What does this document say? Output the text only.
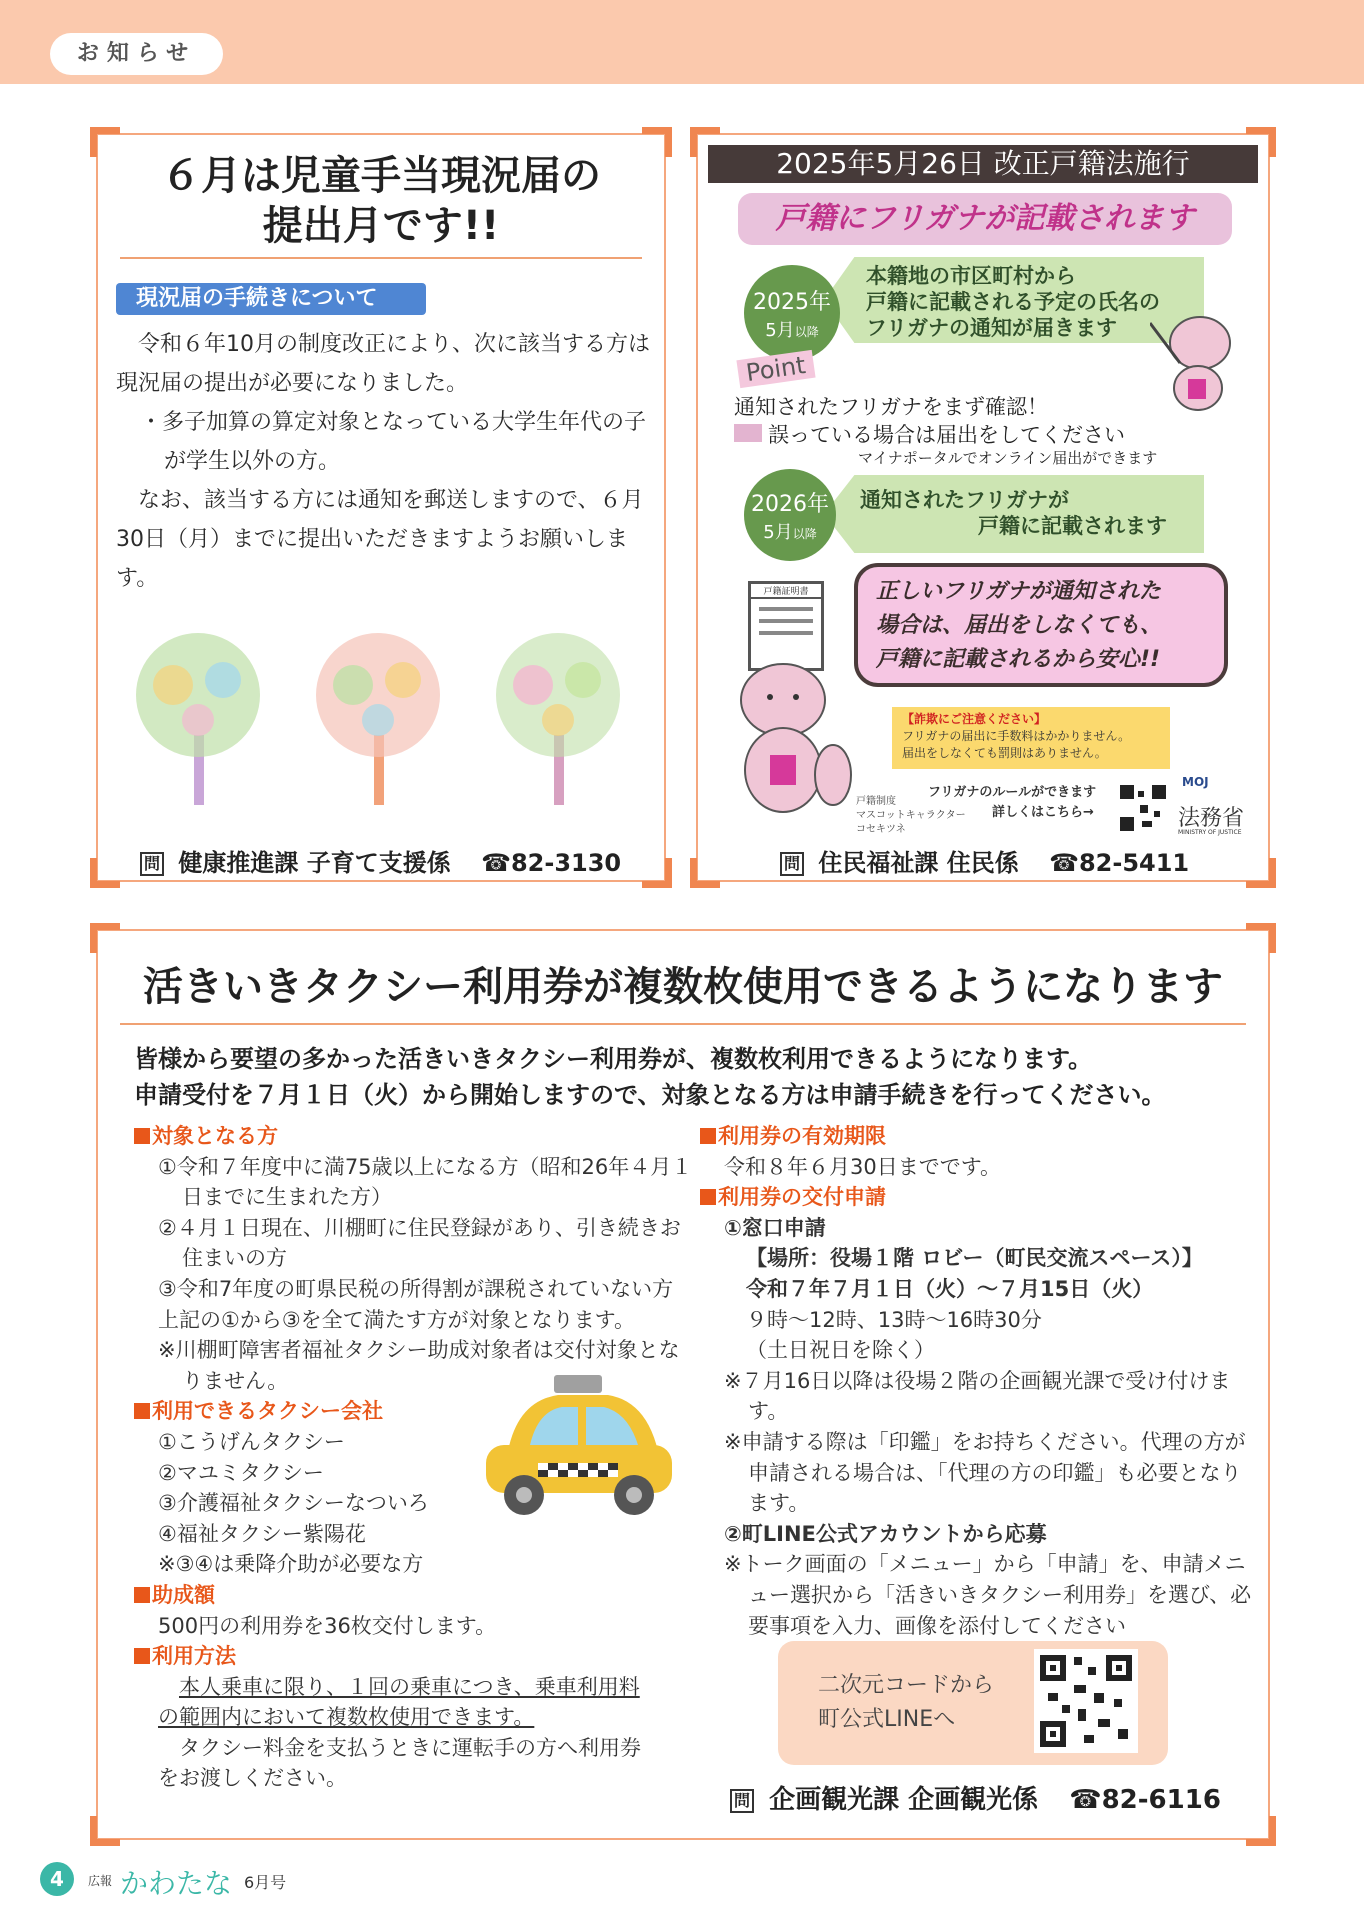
お知らせ
６月は児童手当現況届の
提出月です!!
現況届の手続きについて

令和６年10月の制度改正により、次に該当する方は現況届の提出が必要になりました。

・多子加算の算定対象となっている大学生年代の子が学生以外の方。

なお、該当する方には通知を郵送しますので、６月30日（月）までに提出いただきますようお願いします。

問 健康推進課 子育て支援係 ☎82-3130
2025年5月26日 改正戸籍法施行
戸籍にフリガナが記載されます
2025年
5月以降
本籍地の市区町村から
戸籍に記載される予定の氏名の
フリガナの通知が届きます
Point
通知されたフリガナをまず確認！
誤っている場合は届出をしてください
マイナポータルでオンライン届出ができます
2026年
5月以降
通知されたフリガナが
戸籍に記載されます
戸籍証明書	正しいフリガナが通知された
場合は、届出をしなくても、
戸籍に記載されるから安心!!
【詐欺にご注意ください】
フリガナの届出に手数料はかかりません。
届出をしなくても罰則はありません。
戸籍制度
マスコットキャラクター
コセキツネ
フリガナのルールができます
詳しくはこちら→
MOJ
法務省
MINISTRY OF JUSTICE
問 住民福祉課 住民係 ☎82-5411
活きいきタクシー利用券が複数枚使用できるようになります
皆様から要望の多かった活きいきタクシー利用券が、複数枚利用できるようになります。
申請受付を７月１日（火）から開始しますので、対象となる方は申請手続きを行ってください。

対象となる方

①令和７年度中に満75歳以上になる方（昭和26年４月１日までに生まれた方）

②４月１日現在、川棚町に住民登録があり、引き続きお住まいの方

③令和7年度の町県民税の所得割が課税されていない方

上記の①から③を全て満たす方が対象となります。

※川棚町障害者福祉タクシー助成対象者は交付対象となりません。

利用できるタクシー会社

①こうげんタクシー

②マユミタクシー

③介護福祉タクシーなついろ

④福祉タクシー紫陽花

※③④は乗降介助が必要な方

助成額

500円の利用券を36枚交付します。

利用方法

本人乗車に限り、１回の乗車につき、乗車利用料の範囲内において複数枚使用できます。

タクシー料金を支払うときに運転手の方へ利用券をお渡しください。

利用券の有効期限

令和８年６月30日までです。

利用券の交付申請

①窓口申請

【場所：役場１階 ロビー（町民交流スペース）】

令和７年７月１日（火）～７月15日（火）

９時～12時、13時～16時30分

（土日祝日を除く）

※７月16日以降は役場２階の企画観光課で受け付けます。

※申請する際は「印鑑」をお持ちください。代理の方が申請される場合は、「代理の方の印鑑」も必要となります。

②町LINE公式アカウントから応募

※トーク画面の「メニュー」から「申請」を、申請メニュー選択から「活きいきタクシー利用券」を選び、必要事項を入力、画像を添付してください

二次元コードから
町公式LINEへ
問 企画観光課 企画観光係 ☎82-6116
4	広報 かわたな 6月号
